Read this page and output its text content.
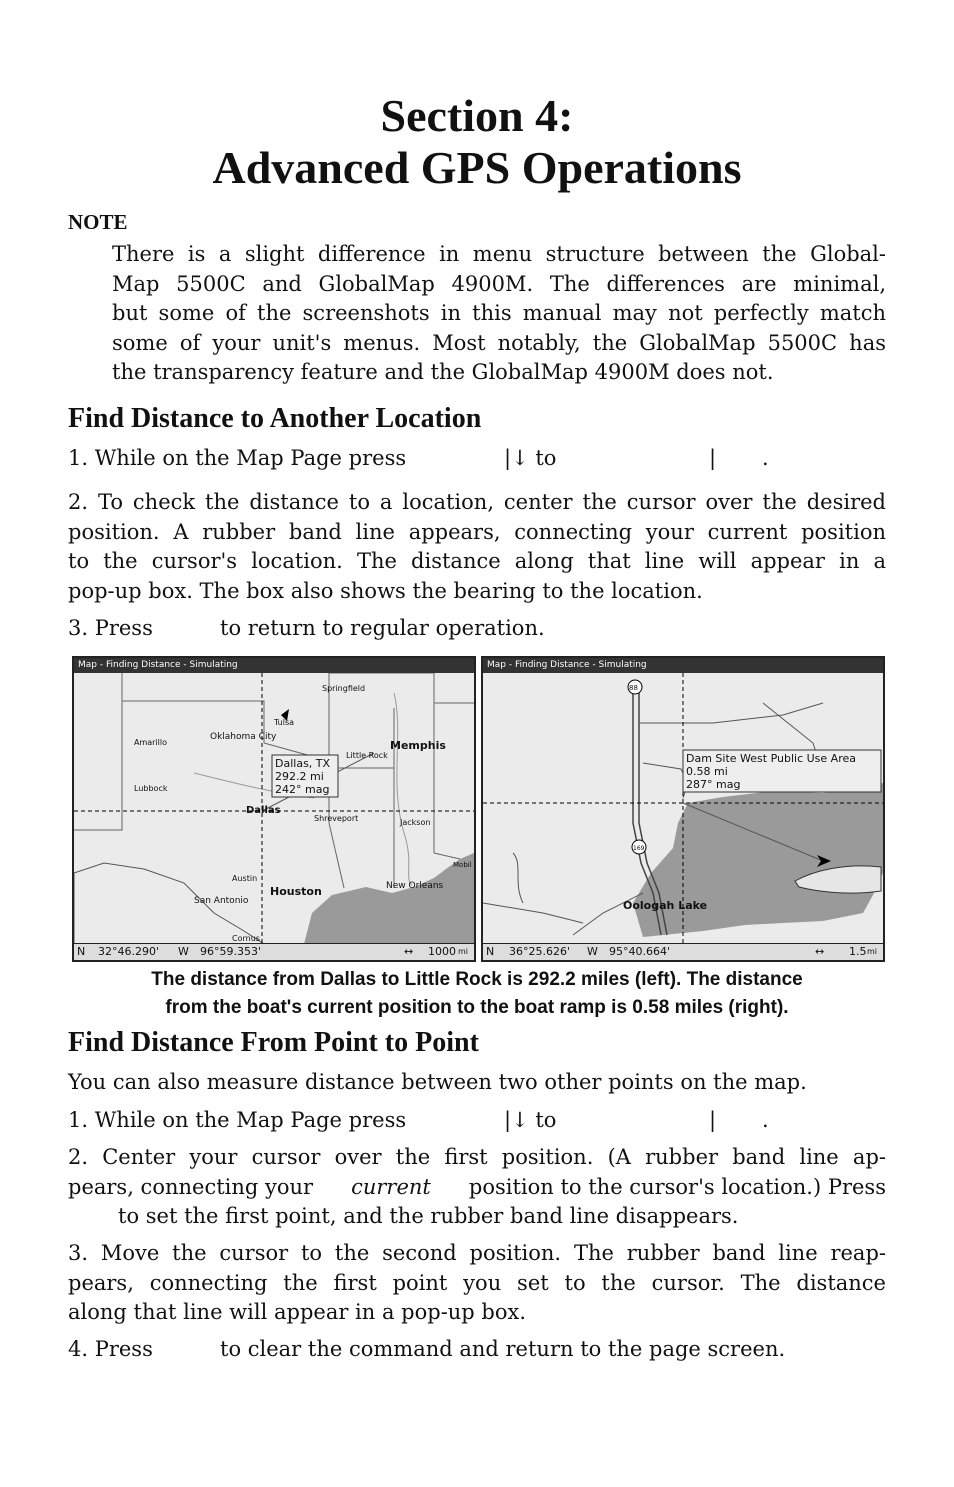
Section 4:
Advanced GPS Operations
NOTE
There is a slight difference in menu structure between the Global-
Map 5500C and GlobalMap 4900M. The differences are minimal,
but some of the screenshots in this manual may not perfectly match
some of your unit's menus. Most notably, the GlobalMap 5500C has
the transparency feature and the GlobalMap 4900M does not.
Find Distance to Another Location
1. While on the Map Page press	|↓ to	| .
2. To check the distance to a location, center the cursor over the desired
position. A rubber band line appears, connecting your current position
to the cursor's location. The distance along that line will appear in a
pop-up box. The box also shows the bearing to the location.
3. Press	to return to regular operation.
Map - Finding Distance - Simulating
Springfield
Tulsa
Amarillo
Oklahoma City
Memphis
Little Rock
Lubbock
Dallas
Shreveport	Jackson
Austin
Houston
San Antonio
New Orleans
Mobil
Cornus
Dallas, TX
292.2 mi
242° mag
N 32°46.290' W 96°59.353'	↔ 1000 mi
Map - Finding Distance - Simulating
88
169
Oologah Lake
Dam Site West Public Use Area
0.58 mi
287° mag
N 36°25.626' W 95°40.664'	↔ 1.5 mi
The distance from Dallas to Little Rock is 292.2 miles (left). The distance
from the boat's current position to the boat ramp is 0.58 miles (right).
Find Distance From Point to Point
You can also measure distance between two other points on the map.
1. While on the Map Page press	|↓ to	| .
2. Center your cursor over the first position. (A rubber band line ap-
pears, connecting your current position to the cursor's location.) Press
to set the first point, and the rubber band line disappears.
3. Move the cursor to the second position. The rubber band line reap-
pears, connecting the first point you set to the cursor. The distance
along that line will appear in a pop-up box.
4. Press	to clear the command and return to the page screen.
